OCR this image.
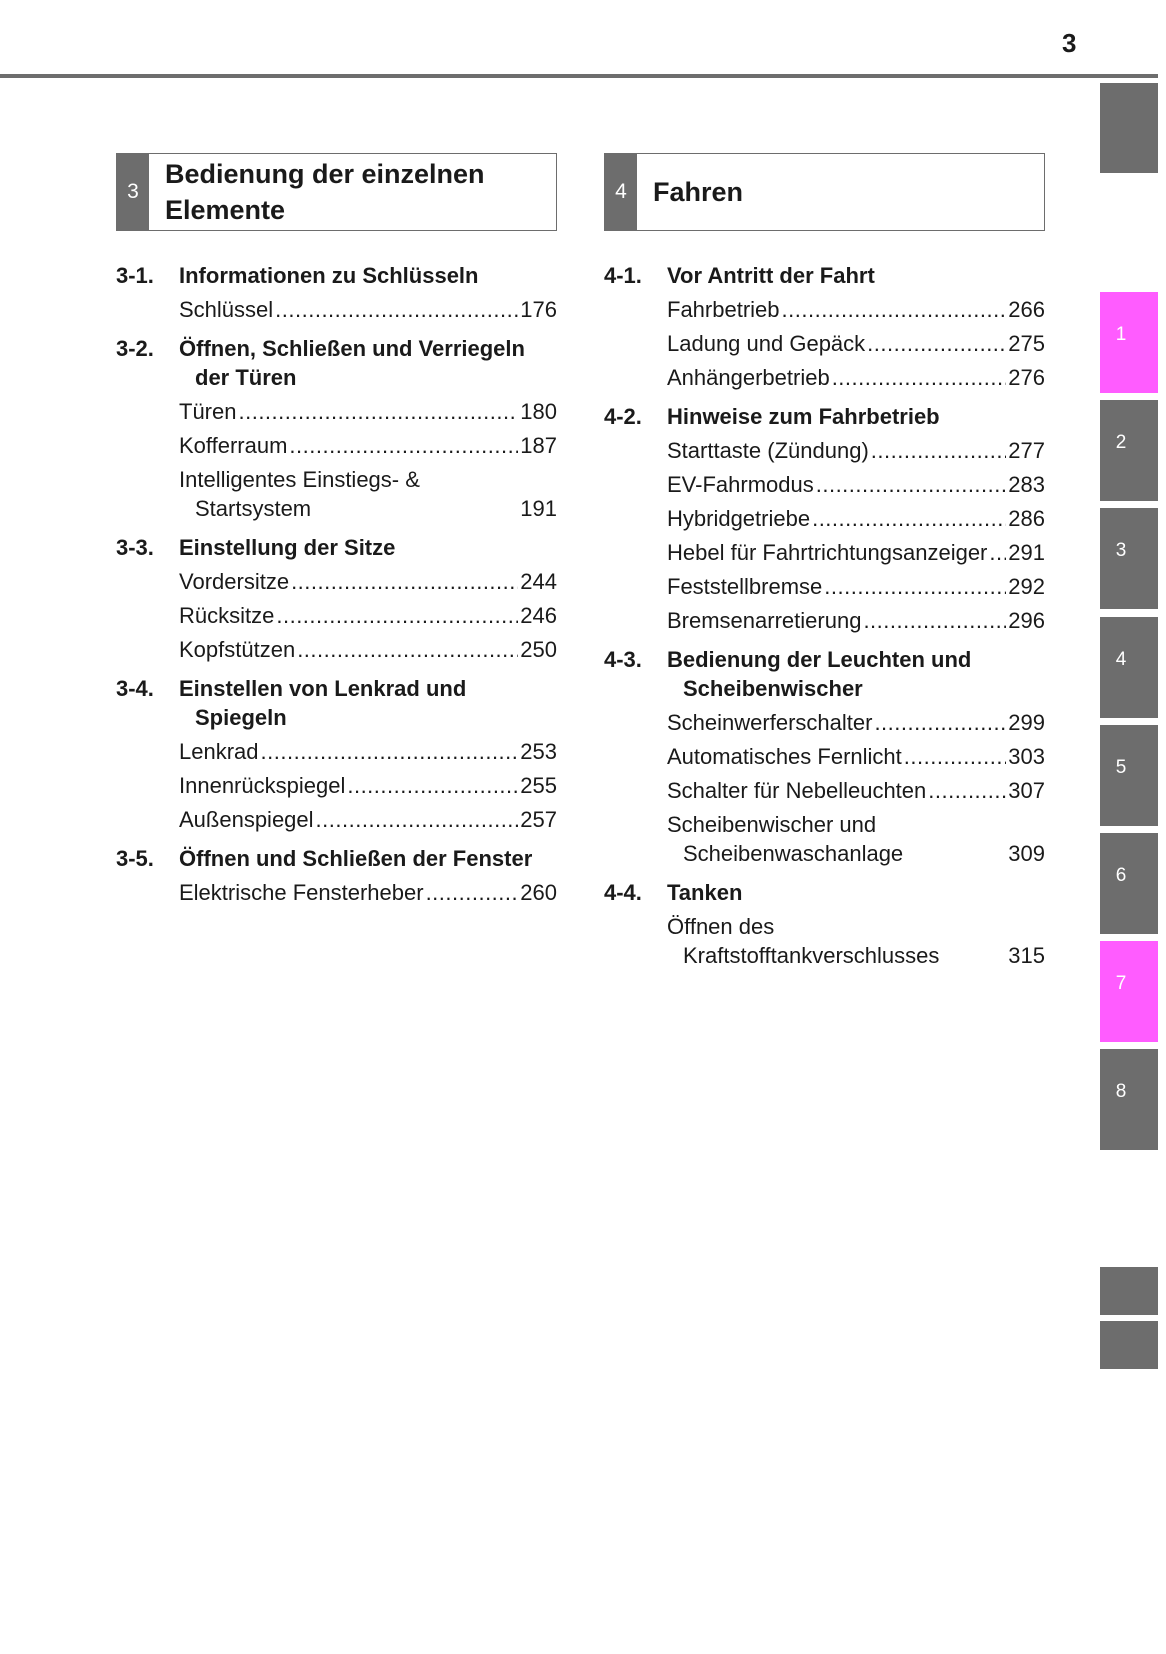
3
1
2
3
4
5
6
7
8
3
Bedienung der einzelnen Elemente
3-1.	Informationen zu Schlüsseln
Schlüssel .....	176
3-2.	Öffnen, Schließen und Verriegeln der Türen
Türen .....	180
Kofferraum .....	187
Intelligentes Einstiegs- & Startsystem	191
3-3.	Einstellung der Sitze
Vordersitze .....	244
Rücksitze .....	246
Kopfstützen .....	250
3-4.	Einstellen von Lenkrad und Spiegeln
Lenkrad .....	253
Innenrückspiegel .....	255
Außenspiegel .....	257
3-5.	Öffnen und Schließen der Fenster
Elektrische Fensterheber .....	260
4 Fahren
4-1.	Vor Antritt der Fahrt
Fahrbetrieb .....	266
Ladung und Gepäck .....	275
Anhängerbetrieb .....	276
4-2.	Hinweise zum Fahrbetrieb
Starttaste (Zündung) .....	277
EV-Fahrmodus .....	283
Hybridgetriebe .....	286
Hebel für Fahrtrichtungsanzeiger ..... 291
Feststellbremse .....	292
Bremsenarretierung .....	296
4-3.	Bedienung der Leuchten und Scheibenwischer
Scheinwerferschalter .....	299
Automatisches Fernlicht .....	303
Schalter für Nebelleuchten .....	307
Scheibenwischer und Scheibenwaschanlage	309
4-4.	Tanken
Öffnen des Kraftstofftankverschlusses	315
